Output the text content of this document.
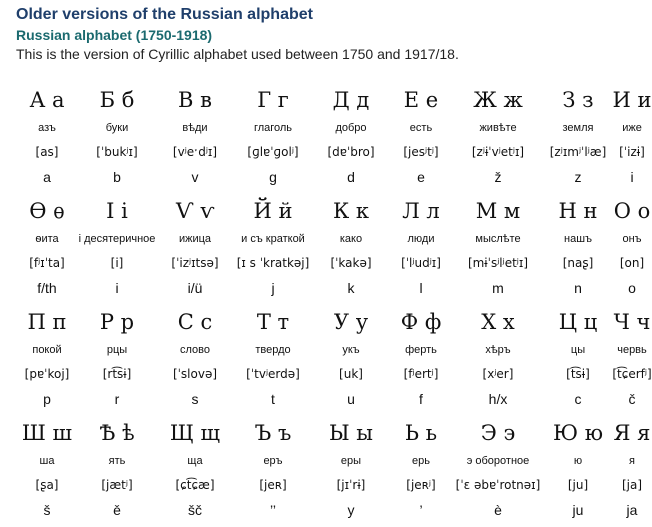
Older versions of the Russian alphabet
Russian alphabet (1750-1918)

This is the version of Cyrillic alphabet used between 1750 and 1917/18.

А а
азъ
[as]
a
Б б
буки
[ˈbukʲɪ]
b
В в
вѣди
[vʲeˑdʲɪ]
v
Г г
глаголь
[ɡlɐˈɡolʲ]
g
Д д
добро
[dɐˈbro]
d
Е е
есть
[jesʲtʲ]
e
Ж ж
живѣте
[zʲɨˈvʲetʲɪ]
ž
З з
земля
[zʲɪmʲˈlʲæ]
z
И и
иже
[ˈizɨ]
i
Ѳ ѳ
ѳита
[fʲɪˈta]
f/th
І і
і десятеричное
[i]
i
Ѵ ѵ
ижица
[ˈizʲɪtsə]
i/ü
Й й
и съ краткой
[ɪ s ˈkratkəj]
j
К к
како
[ˈkakə]
k
Л л
люди
[ˈlʲudʲɪ]
l
М м
мыслѣте
[mɨˈsʲlʲetʲɪ]
m
Н н
нашъ
[naʂ]
n
О о
онъ
[on]
o
П п
покой
[pɐˈkoj]
p
Р р
рцы
[rt͡sɨ]
r
С с
слово
[ˈslovə]
s
Т т
твердо
[ˈtvʲerdə]
t
У у
укъ
[uk]
u
Ф ф
ферть
[fʲertʲ]
f
Х х
хѣръ
[xʲer]
h/x
Ц ц
цы
[t͡sɨ]
c
Ч ч
червь
[t͡ɕerfʲ]
č
Ш ш
ша
[ʂa]
š
Ѣ ѣ
ять
[jætʲ]
ě
Щ щ
ща
[ɕt͡ɕæ]
šč
Ъ ъ
еръ
[jeʀ]
’’
Ы ы
еры
[jɪˈrɨ]
y
Ь ь
ерь
[jeʀʲ]
’
Э э
э оборотное
[ˈɛ əbɐˈrotnəɪ]
è
Ю ю
ю
[ju]
ju
Я я
я
[ja]
ja
